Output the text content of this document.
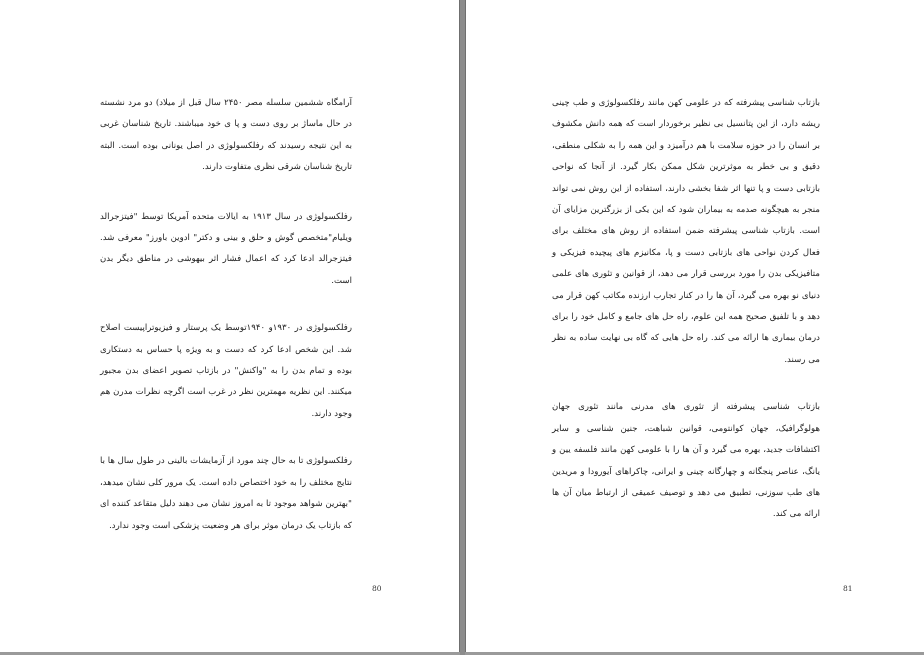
آرامگاه ششمین سلسله مصر ۲۴۵۰ سال قبل از میلاد) دو مرد نشسته در حال ماساژ بر روی دست و پا ی خود میباشند. تاریخ شناسان غربی به این نتیجه رسیدند که رفلکسولوژی در اصل یونانی بوده است. البته تاریخ شناسان شرقی نظری متفاوت دارند.

رفلکسولوژی در سال ۱۹۱۳ به ایالات متحده آمریکا توسط "فیتزجرالد ویلیام"متخصص گوش و حلق و بینی و دکتر" ادوین باورز" معرفی شد. فیتزجرالد ادعا کرد که اعمال فشار اثر بیهوشی در مناطق دیگر بدن است.

رفلکسولوژی در ۱۹۳۰و ۱۹۴۰توسط یک پرستار و فیزیوتراپیست اصلاح شد. این شخص ادعا کرد که دست و به ویژه پا حساس به دستکاری بوده و تمام بدن را به "واکنش" در بازتاب تصویر اعضای بدن مجبور میکنند. این نظریه مهمترین نظر در غرب است اگرچه نظرات مدرن هم وجود دارند.

رفلکسولوژی تا به حال چند مورد از آزمایشات بالینی در طول سال ها با نتایج مختلف را به خود اختصاص داده است. یک مرور کلی نشان میدهد، "بهترین شواهد موجود تا به امروز نشان می دهند دلیل متقاعد کننده ای که بازتاب یک درمان موثر برای هر وضعیت پزشکی است وجود ندارد.

80

بازتاب شناسی پیشرفته که در علومی کهن مانند رفلکسولوژی و طب چینی ریشه دارد، از این پتانسیل بی نظیر برخوردار است که همه دانش مکشوف بر انسان را در حوزه سلامت با هم درآمیزد و این همه را به شکلی منطقی، دقیق و بی خطر به موثرترین شکل ممکن بکار گیرد. از آنجا که نواحی بازتابی دست و پا تنها اثر شفا بخشی دارند، استفاده از این روش نمی تواند منجر به هیچگونه صدمه به بیماران شود که این یکی از بزرگترین مزایای آن است. بازتاب شناسی پیشرفته ضمن استفاده از روش های مختلف برای فعال کردن نواحی های بازتابی دست و پا، مکانیزم های پیچیده فیزیکی و متافیزیکی بدن را مورد بررسی قرار می دهد، از قوانین و تئوری های علمی دنیای نو بهره می گیرد، آن ها را در کنار تجارب ارزنده مکاتب کهن قرار می دهد و با تلفیق صحیح همه این علوم، راه حل های جامع و کامل خود را برای درمان بیماری ها ارائه می کند. راه حل هایی که گاه بی نهایت ساده به نظر می رسند.

بازتاب شناسی پیشرفته از تئوری های مدرنی مانند تئوری جهان هولوگرافیک، جهان کوانتومی، قوانین شباهت، جنین شناسی و سایر اکتشافات جدید، بهره می گیرد و آن ها را با علومی کهن مانند فلسفه یین و یانگ، عناصر پنجگانه و چهارگانه چینی و ایرانی، چاکراهای آیورودا و مریدین های طب سوزنی، تطبیق می دهد و توصیف عمیقی از ارتباط میان آن ها ارائه می کند.

81
